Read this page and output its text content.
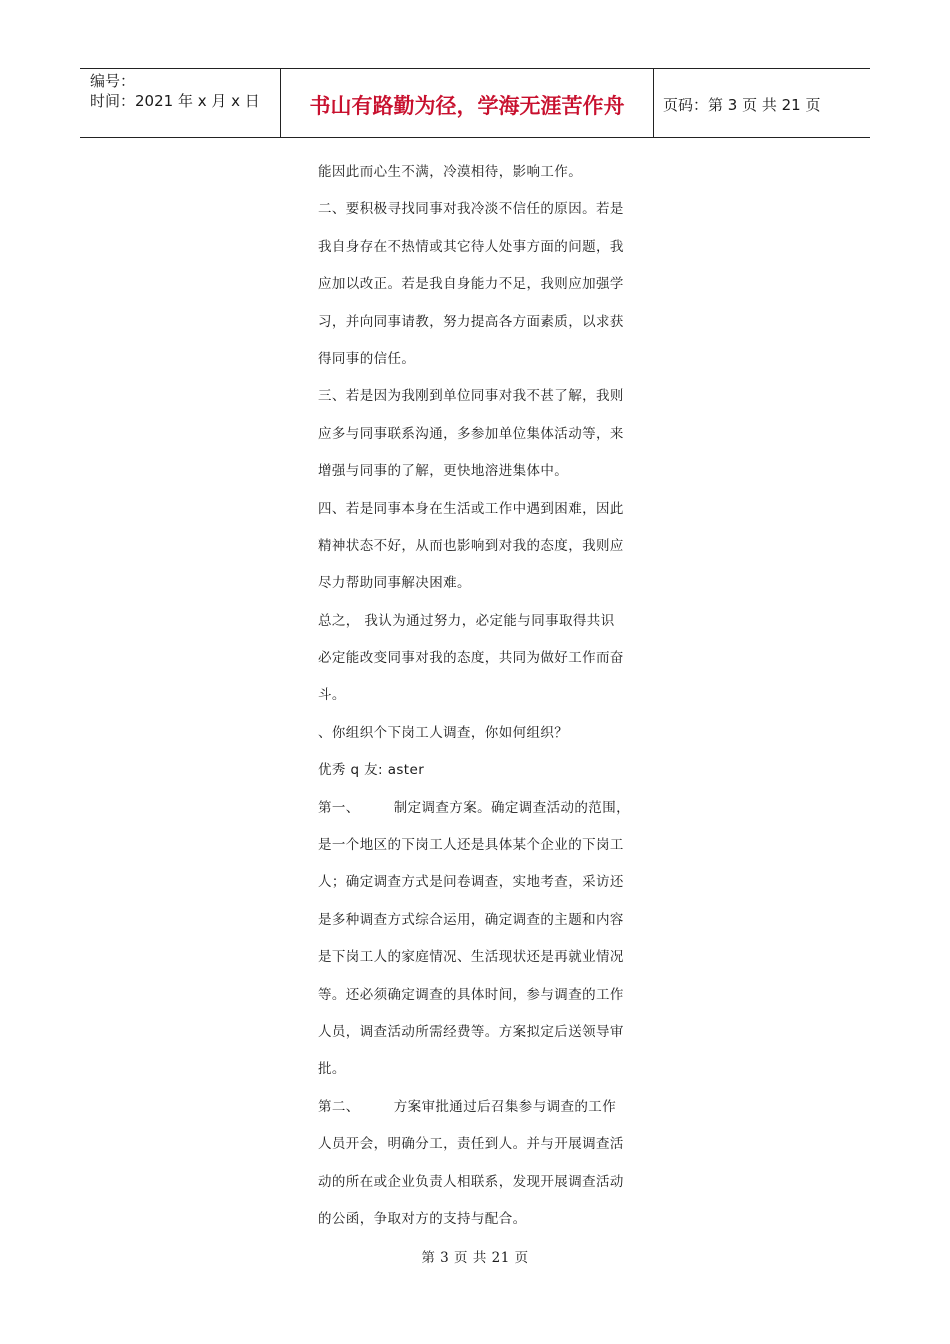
编号：
时间：2021 年 x 月 x 日	书山有路勤为径，学海无涯苦作舟	页码：第 3 页 共 21 页
能因此而心生不满，冷漠相待，影响工作。
二、要积极寻找同事对我冷淡不信任的原因。若是
我自身存在不热情或其它待人处事方面的问题，我
应加以改正。若是我自身能力不足，我则应加强学
习，并向同事请教，努力提高各方面素质，以求获
得同事的信任。
三、若是因为我刚到单位同事对我不甚了解，我则
应多与同事联系沟通，多参加单位集体活动等，来
增强与同事的了解，更快地溶进集体中。
四、若是同事本身在生活或工作中遇到困难，因此
精神状态不好，从而也影响到对我的态度，我则应
尽力帮助同事解决困难。
总之， 我认为通过努力，必定能与同事取得共识
必定能改变同事对我的态度，共同为做好工作而奋
斗。
、你组织个下岗工人调查，你如何组织？
优秀 q 友: aster
第一、	制定调查方案。确定调查活动的范围，
是一个地区的下岗工人还是具体某个企业的下岗工
人；确定调查方式是问卷调查，实地考查，采访还
是多种调查方式综合运用，确定调查的主题和内容
是下岗工人的家庭情况、生活现状还是再就业情况
等。还必须确定调查的具体时间，参与调查的工作
人员，调查活动所需经费等。方案拟定后送领导审
批。
第二、	方案审批通过后召集参与调查的工作
人员开会，明确分工，责任到人。并与开展调查活
动的所在或企业负责人相联系，发现开展调查活动
的公函，争取对方的支持与配合。
第 3 页 共 21 页
